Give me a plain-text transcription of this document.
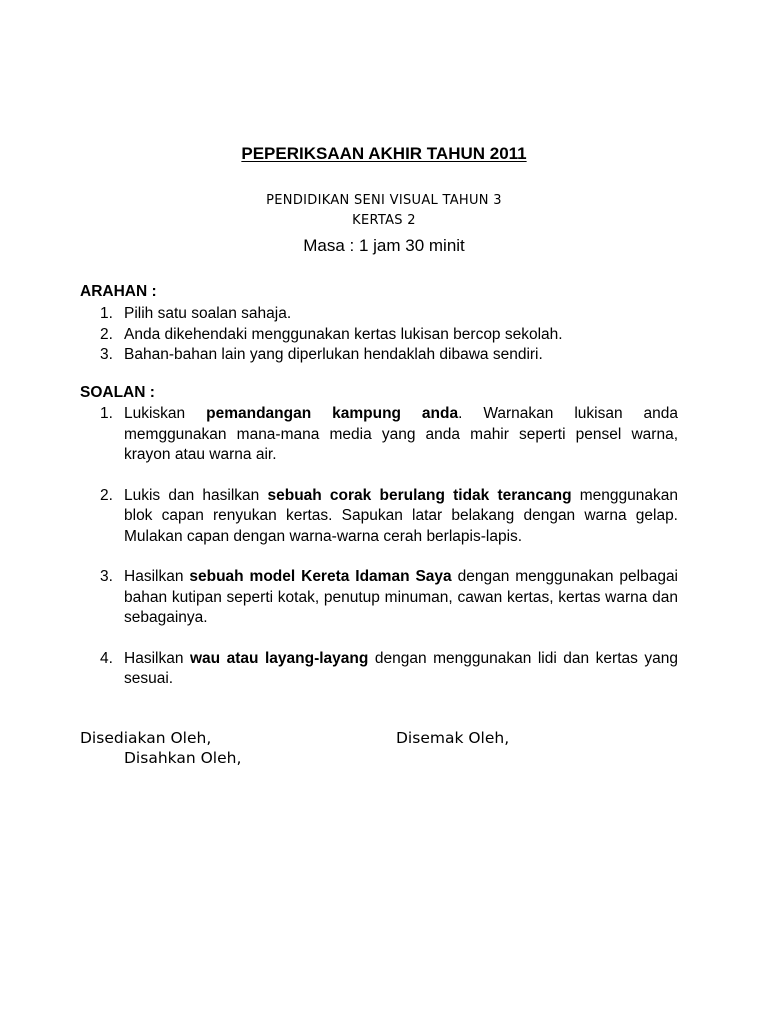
PEPERIKSAAN AKHIR TAHUN 2011
PENDIDIKAN SENI VISUAL TAHUN 3
KERTAS 2
Masa : 1 jam 30 minit
ARAHAN :
1. Pilih satu soalan sahaja.
2. Anda dikehendaki menggunakan kertas lukisan bercop sekolah.
3. Bahan-bahan lain yang diperlukan hendaklah dibawa sendiri.
SOALAN :
1. Lukiskan pemandangan kampung anda. Warnakan lukisan anda memggunakan mana-mana media yang anda mahir seperti pensel warna, krayon atau warna air.
2. Lukis dan hasilkan sebuah corak berulang tidak terancang menggunakan blok capan renyukan kertas. Sapukan latar belakang dengan warna gelap. Mulakan capan dengan warna-warna cerah berlapis-lapis.
3. Hasilkan sebuah model Kereta Idaman Saya dengan menggunakan pelbagai bahan kutipan seperti kotak, penutup minuman, cawan kertas, kertas warna dan sebagainya.
4. Hasilkan wau atau layang-layang dengan menggunakan lidi dan kertas yang sesuai.
Disediakan Oleh,	Disemak Oleh,
Disahkan Oleh,
